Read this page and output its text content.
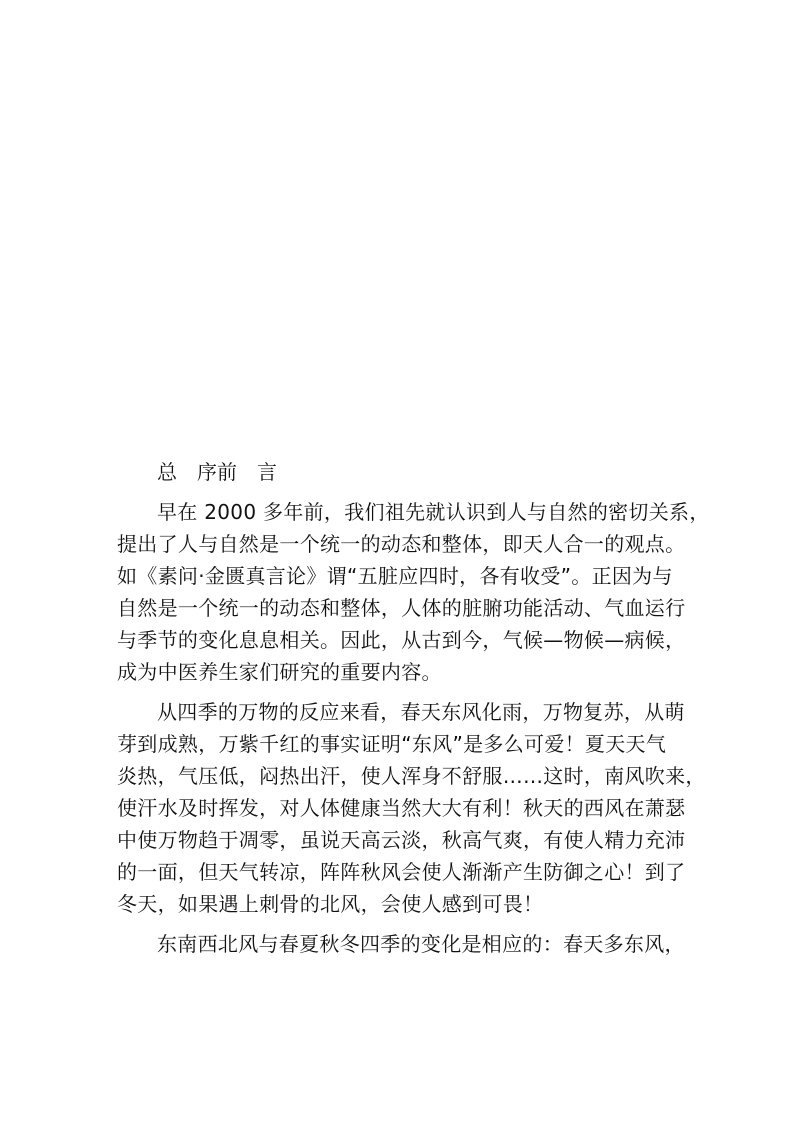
总　序前　言
早在 2000 多年前，我们祖先就认识到人与自然的密切关系，
提出了人与自然是一个统一的动态和整体，即天人合一的观点。
如《素问·金匮真言论》谓“五脏应四时，各有收受”。正因为与
自然是一个统一的动态和整体，人体的脏腑功能活动、气血运行
与季节的变化息息相关。因此，从古到今，气候—物候—病候，
成为中医养生家们研究的重要内容。
从四季的万物的反应来看，春天东风化雨，万物复苏，从萌
芽到成熟，万紫千红的事实证明“东风”是多么可爱！夏天天气
炎热，气压低，闷热出汗，使人浑身不舒服……这时，南风吹来，
使汗水及时挥发，对人体健康当然大大有利！秋天的西风在萧瑟
中使万物趋于凋零，虽说天高云淡，秋高气爽，有使人精力充沛
的一面，但天气转凉，阵阵秋风会使人渐渐产生防御之心！到了
冬天，如果遇上刺骨的北风，会使人感到可畏！
东南西北风与春夏秋冬四季的变化是相应的：春天多东风，
